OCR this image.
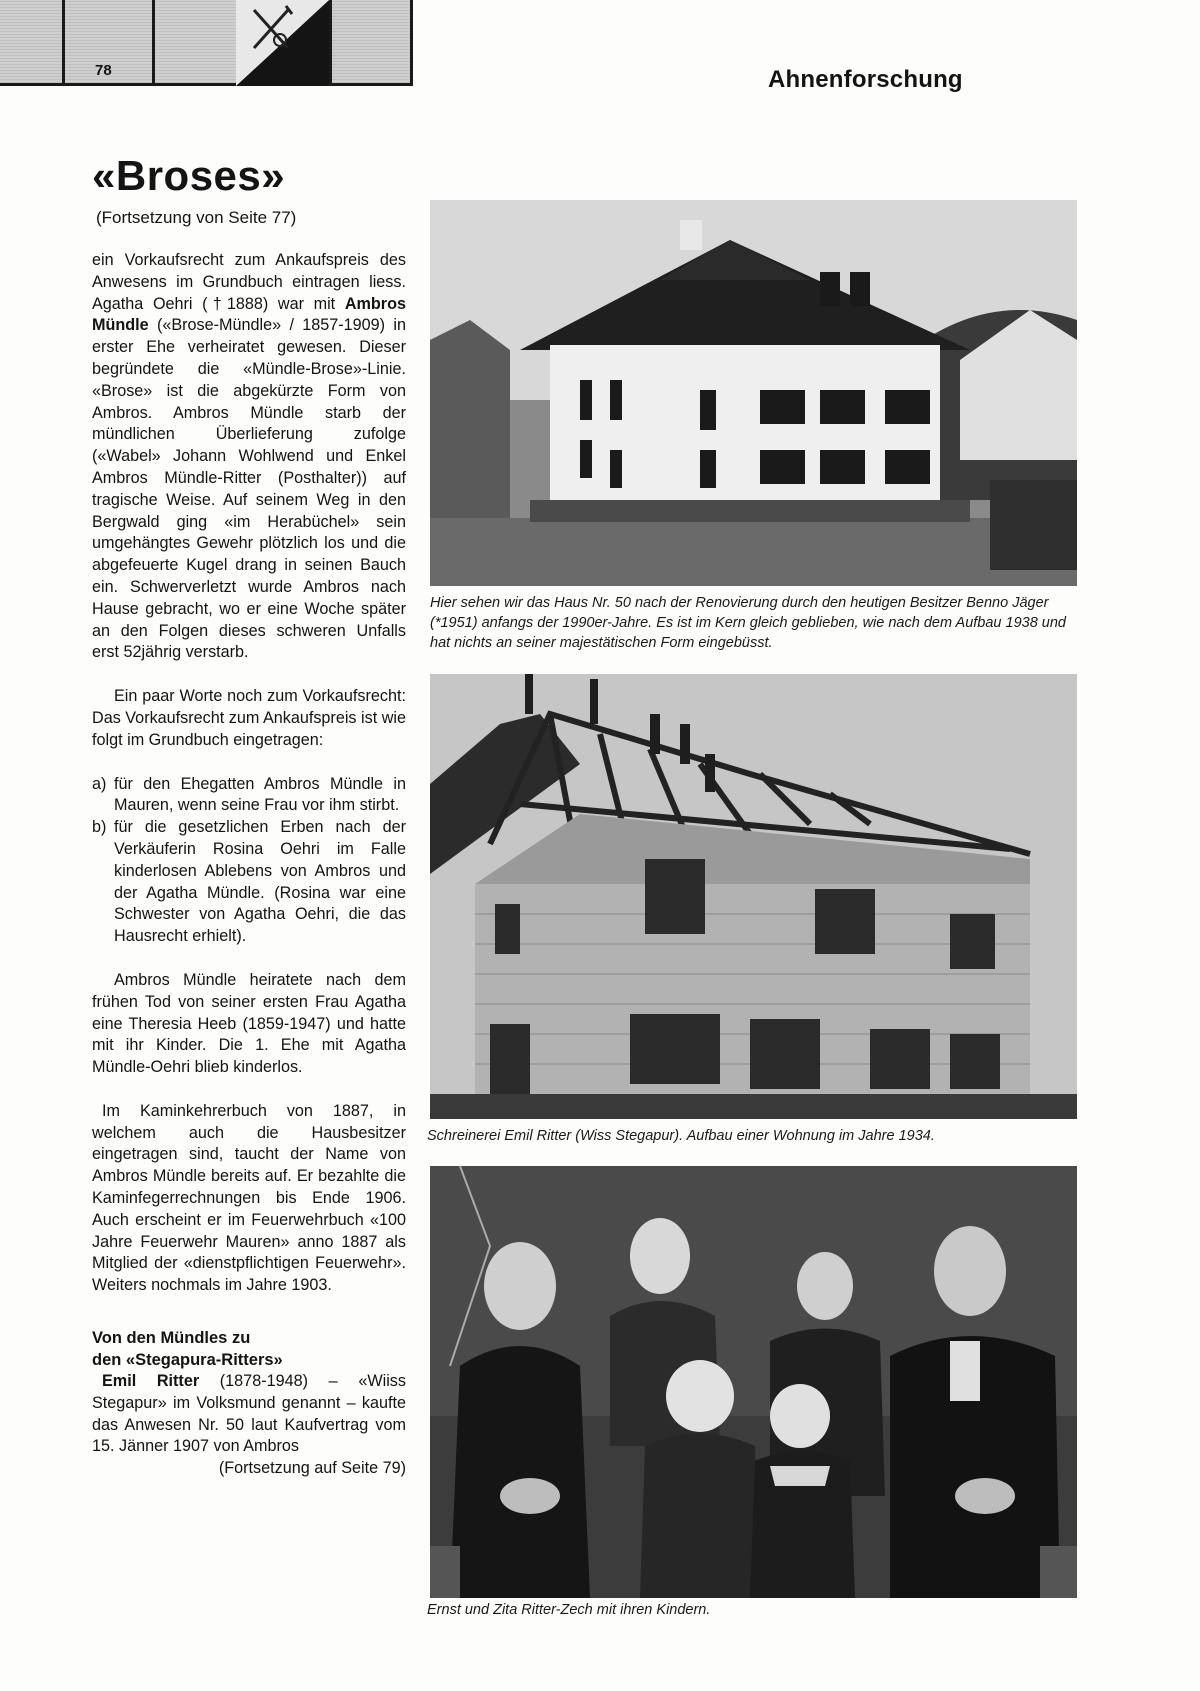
78	Ahnenforschung
«Broses»
(Fortsetzung von Seite 77)

ein Vorkaufsrecht zum Ankaufspreis des Anwesens im Grundbuch eintragen liess. Agatha Oehri (†1888) war mit Ambros Mündle («Brose-Mündle» / 1857-1909) in erster Ehe verheiratet gewesen. Dieser begründete die «Mündle-Brose»-Linie. «Brose» ist die abgekürzte Form von Ambros. Ambros Mündle starb der mündlichen Überlieferung zufolge («Wabel» Johann Wohlwend und Enkel Ambros Mündle-Ritter (Posthalter)) auf tragische Weise. Auf seinem Weg in den Bergwald ging «im Herabüchel» sein umgehängtes Gewehr plötzlich los und die abgefeuerte Kugel drang in seinen Bauch ein. Schwerverletzt wurde Ambros nach Hause gebracht, wo er eine Woche später an den Folgen dieses schweren Unfalls erst 52jährig verstarb.

Ein paar Worte noch zum Vorkaufsrecht: Das Vorkaufsrecht zum Ankaufspreis ist wie folgt im Grundbuch eingetragen:

a) für den Ehegatten Ambros Mündle in Mauren, wenn seine Frau vor ihm stirbt.
b) für die gesetzlichen Erben nach der Verkäuferin Rosina Oehri im Falle kinderlosen Ablebens von Ambros und der Agatha Mündle. (Rosina war eine Schwester von Agatha Oehri, die das Hausrecht erhielt).

Ambros Mündle heiratete nach dem frühen Tod von seiner ersten Frau Agatha eine Theresia Heeb (1859-1947) und hatte mit ihr Kinder. Die 1. Ehe mit Agatha Mündle-Oehri blieb kinderlos.

Im Kaminkehrerbuch von 1887, in welchem auch die Hausbesitzer eingetragen sind, taucht der Name von Ambros Mündle bereits auf. Er bezahlte die Kaminfegerrechnungen bis Ende 1906. Auch erscheint er im Feuerwehrbuch «100 Jahre Feuerwehr Mauren» anno 1887 als Mitglied der «dienstpflichtigen Feuerwehr». Weiters nochmals im Jahre 1903.

Von den Mündles zu
den «Stegapura-Ritters»

Emil Ritter (1878-1948) – «Wiiss Stegapur» im Volksmund genannt – kaufte das Anwesen Nr. 50 laut Kaufvertrag vom 15. Jänner 1907 von Ambros

(Fortsetzung auf Seite 79)

Hier sehen wir das Haus Nr. 50 nach der Renovierung durch den heutigen Besitzer Benno Jäger (*1951) anfangs der 1990er-Jahre. Es ist im Kern gleich geblieben, wie nach dem Aufbau 1938 und hat nichts an seiner majestätischen Form eingebüsst.
Schreinerei Emil Ritter (Wiss Stegapur). Aufbau einer Wohnung im Jahre 1934.
Ernst und Zita Ritter-Zech mit ihren Kindern.
